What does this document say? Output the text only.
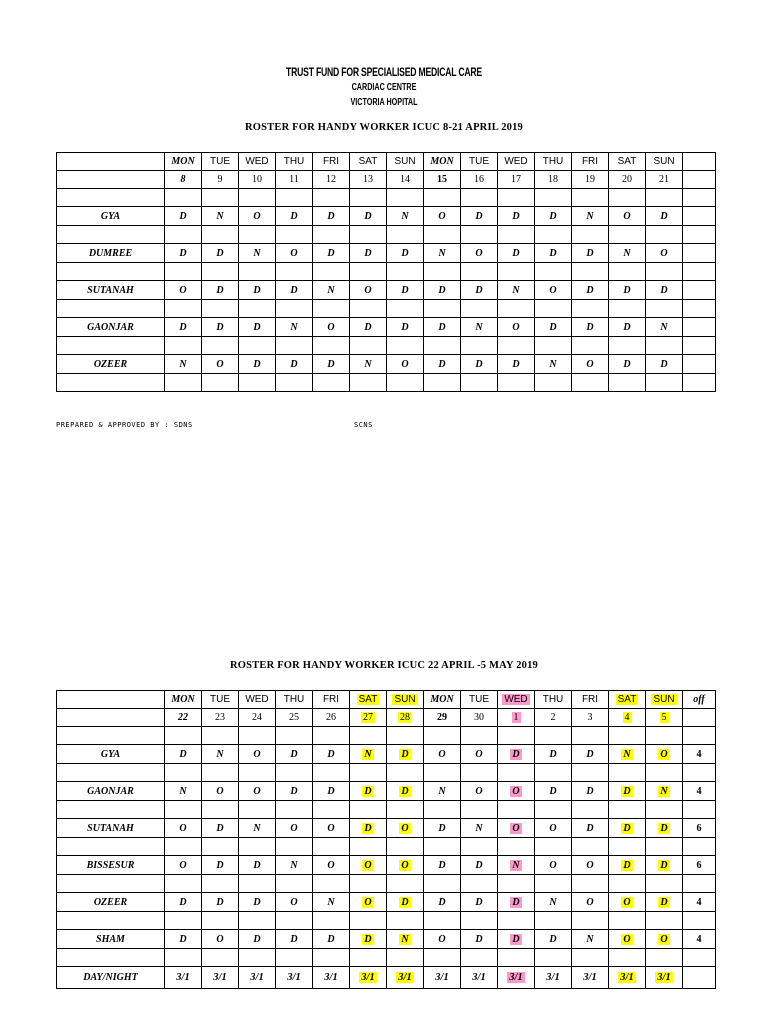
TRUST FUND FOR SPECIALISED MEDICAL CARE
CARDIAC CENTRE
VICTORIA HOPITAL
ROSTER FOR HANDY WORKER ICUC 8-21 APRIL 2019
	MON	TUE	WED	THU	FRI	SAT	SUN	MON	TUE	WED	THU	FRI	SAT	SUN	
	8	9	10	11	12	13	14	15	16	17	18	19	20	21	

GYA	D	N	O	D	D	D	N	O	D	D	D	N	O	D	

DUMREE	D	D	N	O	D	D	D	N	O	D	D	D	N	O	

SUTANAH	O	D	D	D	N	O	D	D	D	N	O	D	D	D	

GAONJAR	D	D	D	N	O	D	D	D	N	O	D	D	D	N	

OZEER	N	O	D	D	D	N	O	D	D	D	N	O	D	D	

PREPARED & APPROVED BY : SDNS	SCNS
ROSTER FOR HANDY WORKER ICUC 22 APRIL -5 MAY 2019
	MON	TUE	WED	THU	FRI	SAT	SUN	MON	TUE	WED	THU	FRI	SAT	SUN	off
	22	23	24	25	26	27	28	29	30	1	2	3	4	5	

GYA	D	N	O	D	D	N	D	O	O	D	D	D	N	O	4

GAONJAR	N	O	O	D	D	D	D	N	O	O	D	D	D	N	4

SUTANAH	O	D	N	O	O	D	O	D	N	O	O	D	D	D	6

BISSESUR	O	D	D	N	O	O	O	D	D	N	O	O	D	D	6

OZEER	D	D	D	O	N	O	D	D	D	D	N	O	O	D	4

SHAM	D	O	D	D	D	D	N	O	D	D	D	N	O	O	4

DAY/NIGHT	3/1	3/1	3/1	3/1	3/1	3/1	3/1	3/1	3/1	3/1	3/1	3/1	3/1	3/1	
